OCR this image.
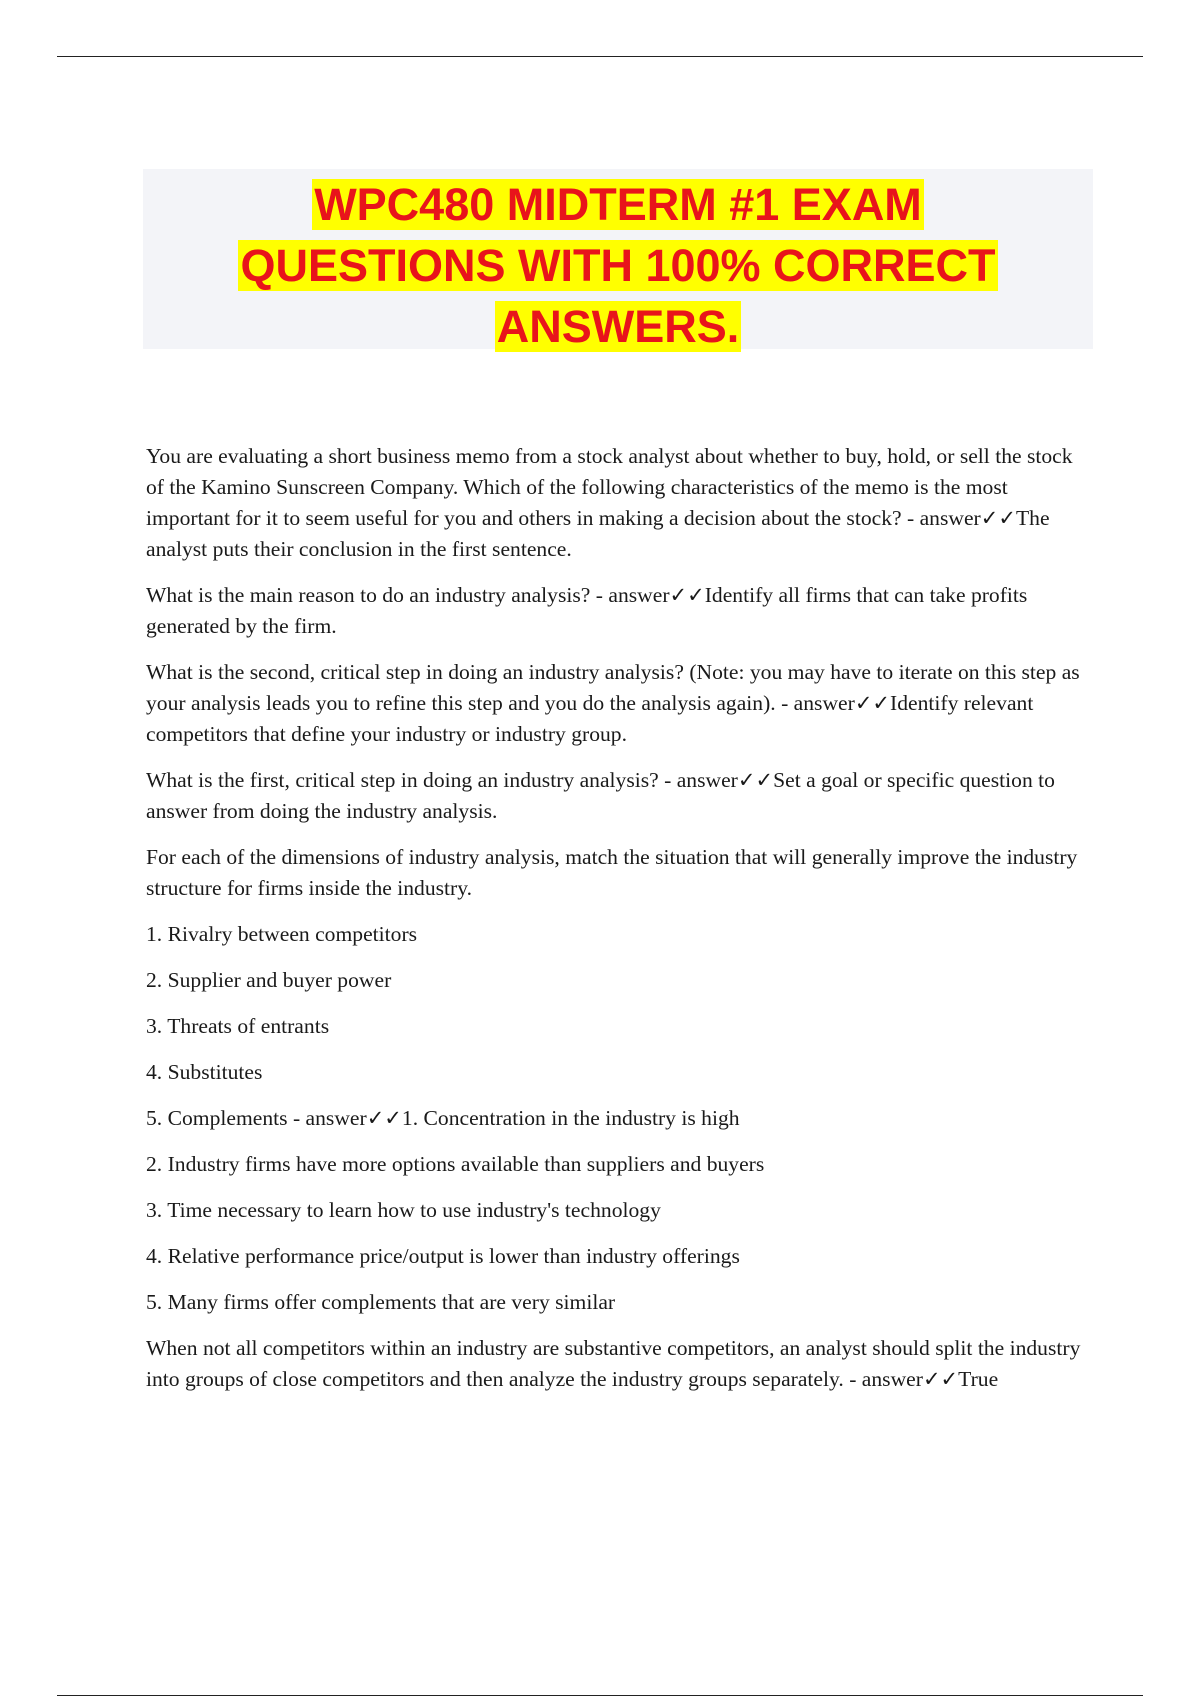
WPC480 MIDTERM #1 EXAM
QUESTIONS WITH 100% CORRECT
ANSWERS.

You are evaluating a short business memo from a stock analyst about whether to buy, hold, or sell the stock of the Kamino Sunscreen Company. Which of the following characteristics of the memo is the most important for it to seem useful for you and others in making a decision about the stock? - answer✓✓The analyst puts their conclusion in the first sentence.

What is the main reason to do an industry analysis? - answer✓✓Identify all firms that can take profits generated by the firm.

What is the second, critical step in doing an industry analysis? (Note: you may have to iterate on this step as your analysis leads you to refine this step and you do the analysis again). - answer✓✓Identify relevant competitors that define your industry or industry group.

What is the first, critical step in doing an industry analysis? - answer✓✓Set a goal or specific question to answer from doing the industry analysis.

For each of the dimensions of industry analysis, match the situation that will generally improve the industry structure for firms inside the industry.

1. Rivalry between competitors

2. Supplier and buyer power

3. Threats of entrants

4. Substitutes

5. Complements - answer✓✓1. Concentration in the industry is high

2. Industry firms have more options available than suppliers and buyers

3. Time necessary to learn how to use industry's technology

4. Relative performance price/output is lower than industry offerings

5. Many firms offer complements that are very similar

When not all competitors within an industry are substantive competitors, an analyst should split the industry into groups of close competitors and then analyze the industry groups separately. - answer✓✓True
